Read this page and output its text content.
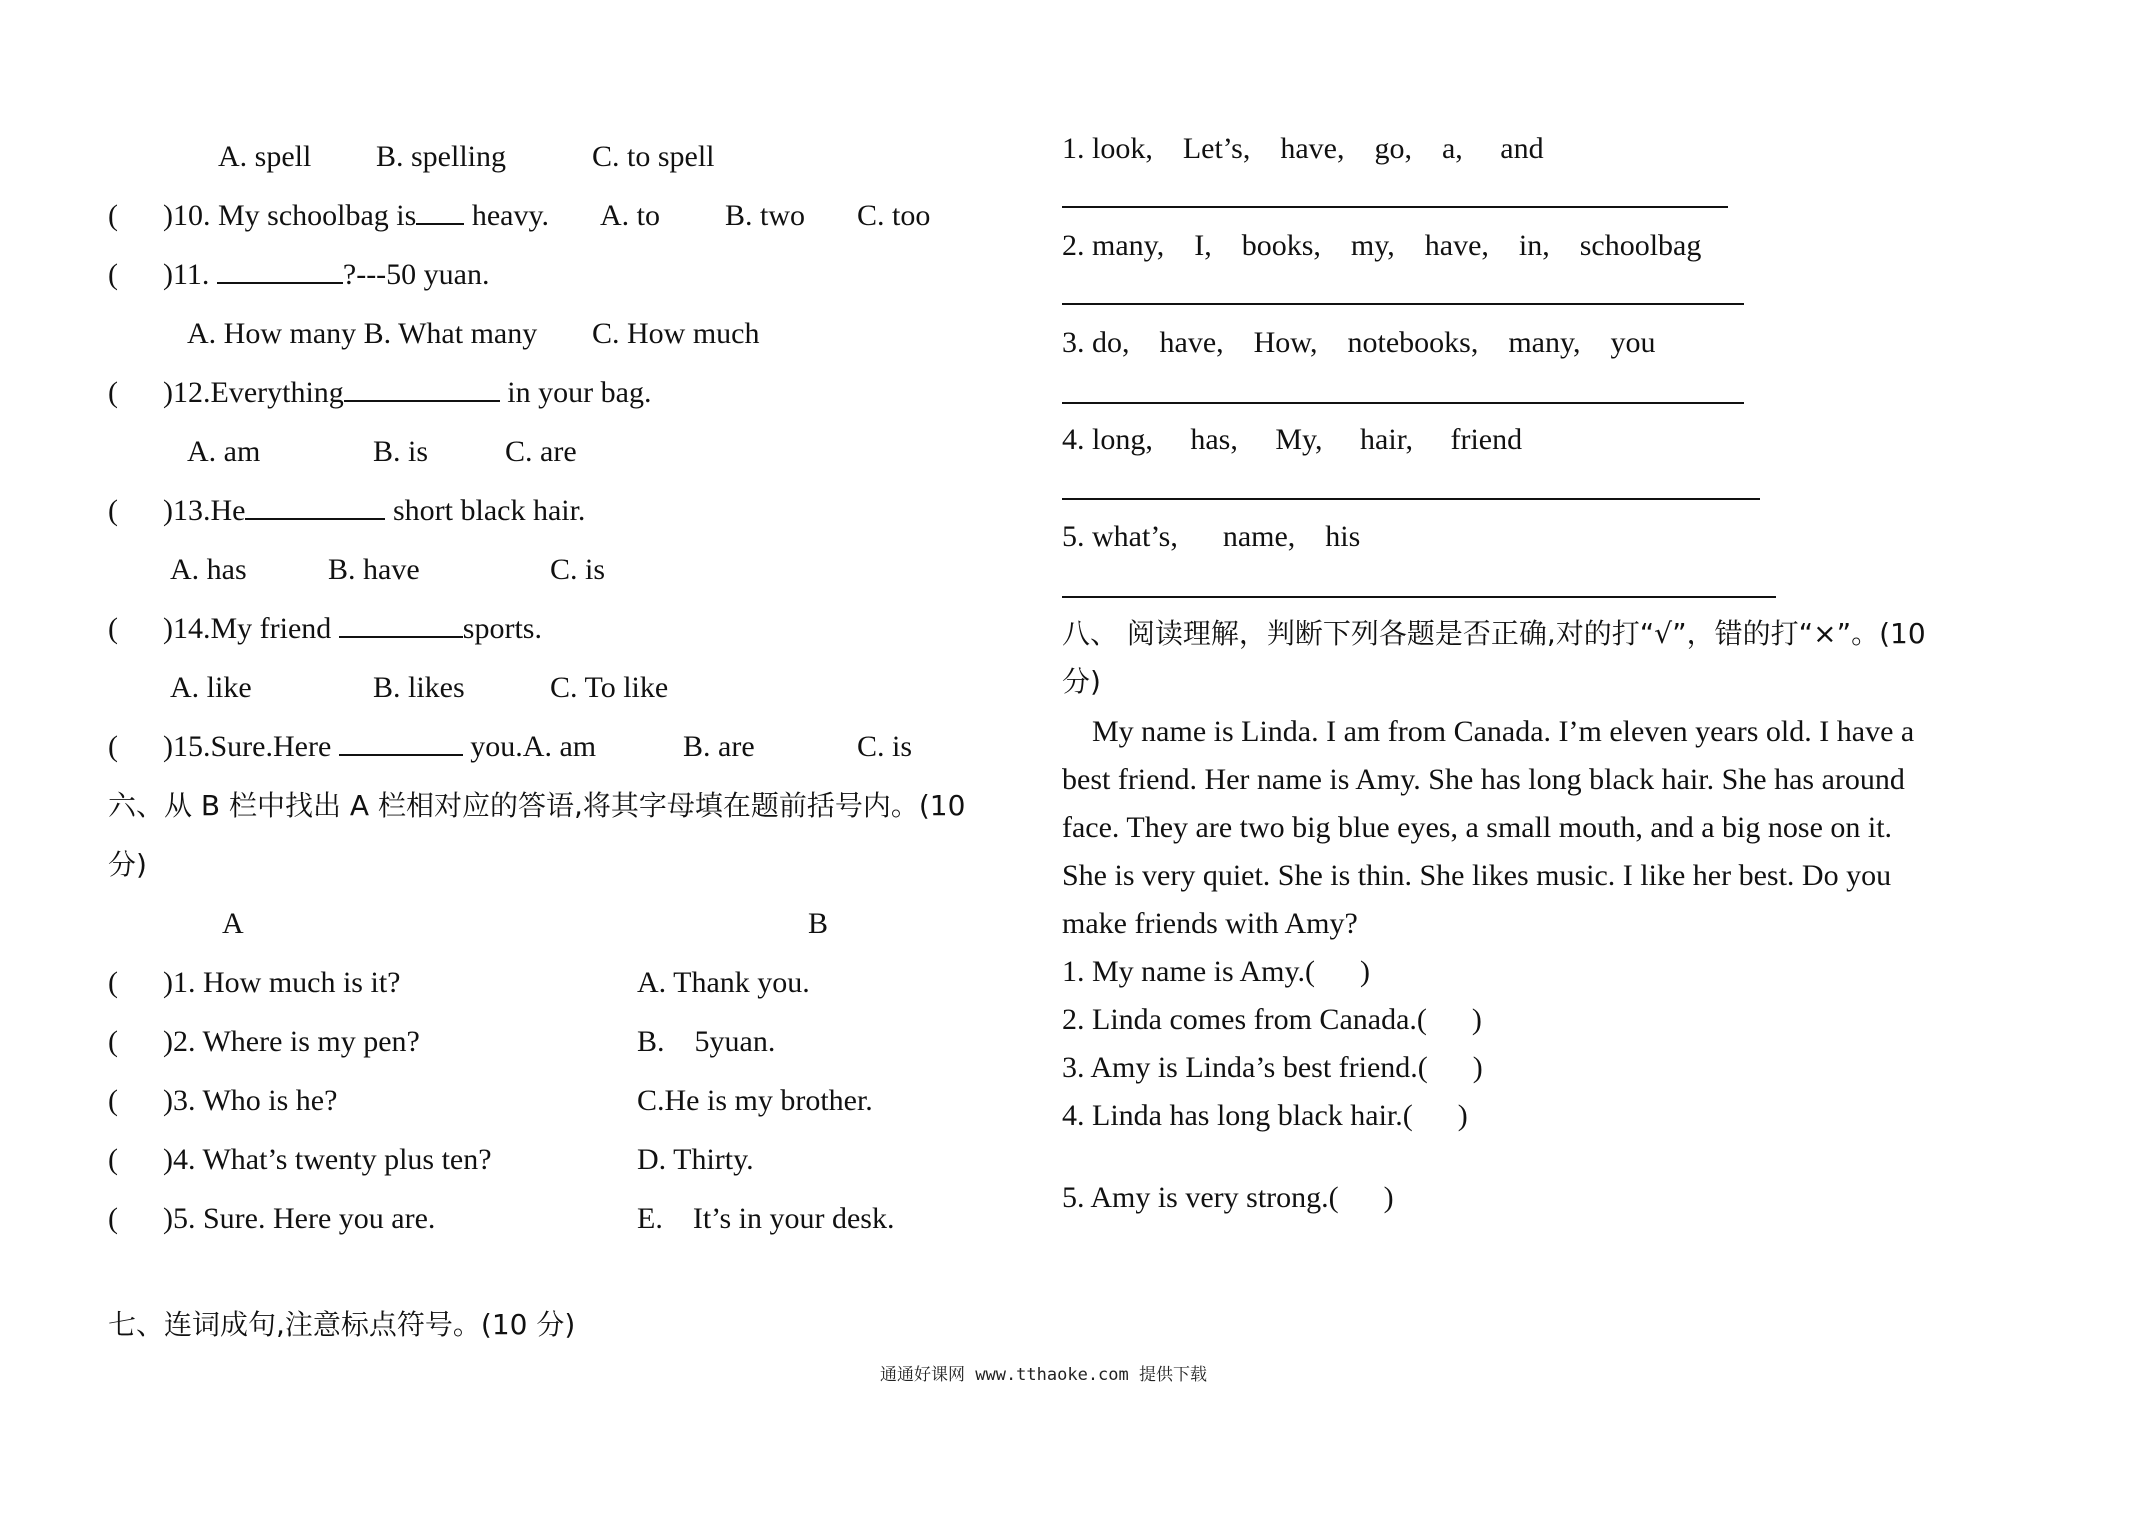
A. spell B. spelling	C. to spell
( )10. My schoolbag is heavy. A. to B. two C. too
( )11.	?---50 yuan.
A. How many B. What many C. How much
( )12.Everything	in your bag.
A. am	B. is	C. are
( )13.He	short black hair.
A. has	B. have	C. is
( )14.My friend	sports.
A. like	B. likes	C. To like
( )15.Sure.Here	you.A. am	B. are	C. is
六、从 B 栏中找出 A 栏相对应的答语,将其字母填在题前括号内。(10
分)
A	B
( )1. How much is it?	A. Thank you.
( )2. Where is my pen?	B.    5yuan.
( )3. Who is he?	C.He is my brother.
( )4. What’s twenty plus ten?	D. Thirty.
( )5. Sure. Here you are.	E.    It’s in your desk.
七、连词成句,注意标点符号。(10 分)
1. look,    Let’s,    have,    go,    a,     and
2. many,    I,    books,    my,    have,    in,    schoolbag
3. do,    have,    How,    notebooks,    many,    you
4. long,     has,     My,     hair,     friend
5. what’s,      name,    his
八、 阅读理解，判断下列各题是否正确,对的打“√”，错的打“×”。(10
分)
My name is Linda. I am from Canada. I’m eleven years old. I have a
best friend. Her name is Amy. She has long black hair. She has around
face. They are two big blue eyes, a small mouth, and a big nose on it.
She is very quiet. She is thin. She likes music. I like her best. Do you
make friends with Amy?
1. My name is Amy.(      )
2. Linda comes from Canada.(      )
3. Amy is Linda’s best friend.(      )
4. Linda has long black hair.(      )
5. Amy is very strong.(      )
通通好课网 www.tthaoke.com 提供下载
